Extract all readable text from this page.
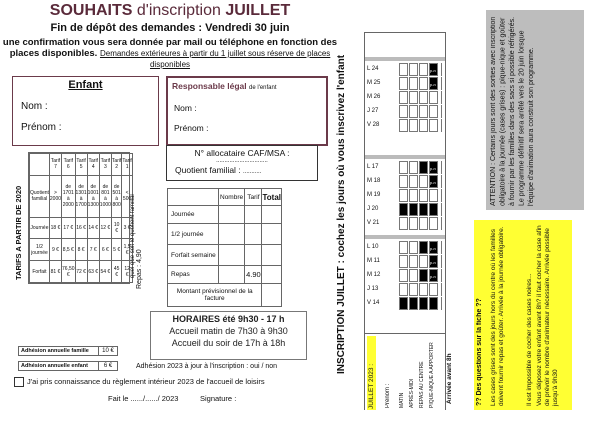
SOUHAITS d'inscription JUILLET
Fin de dépôt des demandes : Vendredi 30 juin
une confirmation vous sera donnée par mail ou téléphone en fonction des places disponibles. Demandes extérieures à partir du 1 juillet sous réserve de places disponibles
Enfant
Nom :
Prénom :
Responsable légal de l'enfant
Nom :
Prénom :
N° allocataire CAF/MSA :
...............................
Quotient familial : ...........
TARIFS A PARTIR DE 2020
	Tarif 7	Tarif 6	Tarif 5	Tarif 4	Tarif 3	Tarif 2	Tarif 1
Quotient familial	> 2000	de 1701 à 2000	de 1301 à 1700	de 1001 à 1300	de 801 à 1000	de 501 à 800	< 500
Journée	18 €	17 €	16 €	14 €	12 €	10 €	3 €
1/2 journée	9 €	8,5 €	8 €	7 €	6 €	5 €	1,5 €
Forfait	81 €	76,50 €	72 €	63 €	54 €	45 €	12 € quel que soit le quotient familial Repas : 4,90
	Nombre	Tarif	Total
Journée			
1/2 journée			
Forfait semaine			
Repas		4.90	
Montant prévisionnel de la facture			
HORAIRES été 9h30 - 17 h
Accueil matin de 7h30 à 9h30
Accueil du soir de 17h à 18h
Adhésion annuelle famille	10 €
Adhésion annuelle enfant	6 €	Adhésion 2023 à jour à l'inscription : oui / non
J'ai pris connaissance du règlement intérieur 2023 de l'accueil de loisirs
Fait le ....../....../ 2023	Signature :
INSCRIPTION JUILLET : cochez les jours où vous inscrivez l'enfant
JUILLET 2023 : Prénom : MATIN APRÈS-MIDI REPAS AU CENTRE PIQUE-NIQUE A APPORTER
L 24	p-n
M 25	p-n
M 26
J 27
V 28
L 17	p-n
M 18	p-n
M 19
J 20
V 21
L 10	p-n
M 11	p-n
M 12	p-n
J 13
V 14
Arrivée avant 8h	?? Des questions sur la fiche ?? Les cases grises sont des jours hors du centre où les familles doivent fournir repas et goûter. Arrivée à la journée obligatoire.	Il est impossible de cocher des cases noires... Vous déposez votre enfant avant 8h? il faut cocher la case afin de prévoir le nombre d'animateur nécessaire. Arrivée possible jusqu'à 9h30
ATTENTION : Certains jours sont des sorties avec inscription obligatoire à la journée (cases grises) : pique-nique et goûter à fournir par les familles dans des sacs si possible réfrigérés. Le programme définitif sera arrêté vers le 20 juin lorsque l'équipe d'animation aura construit son programme.
